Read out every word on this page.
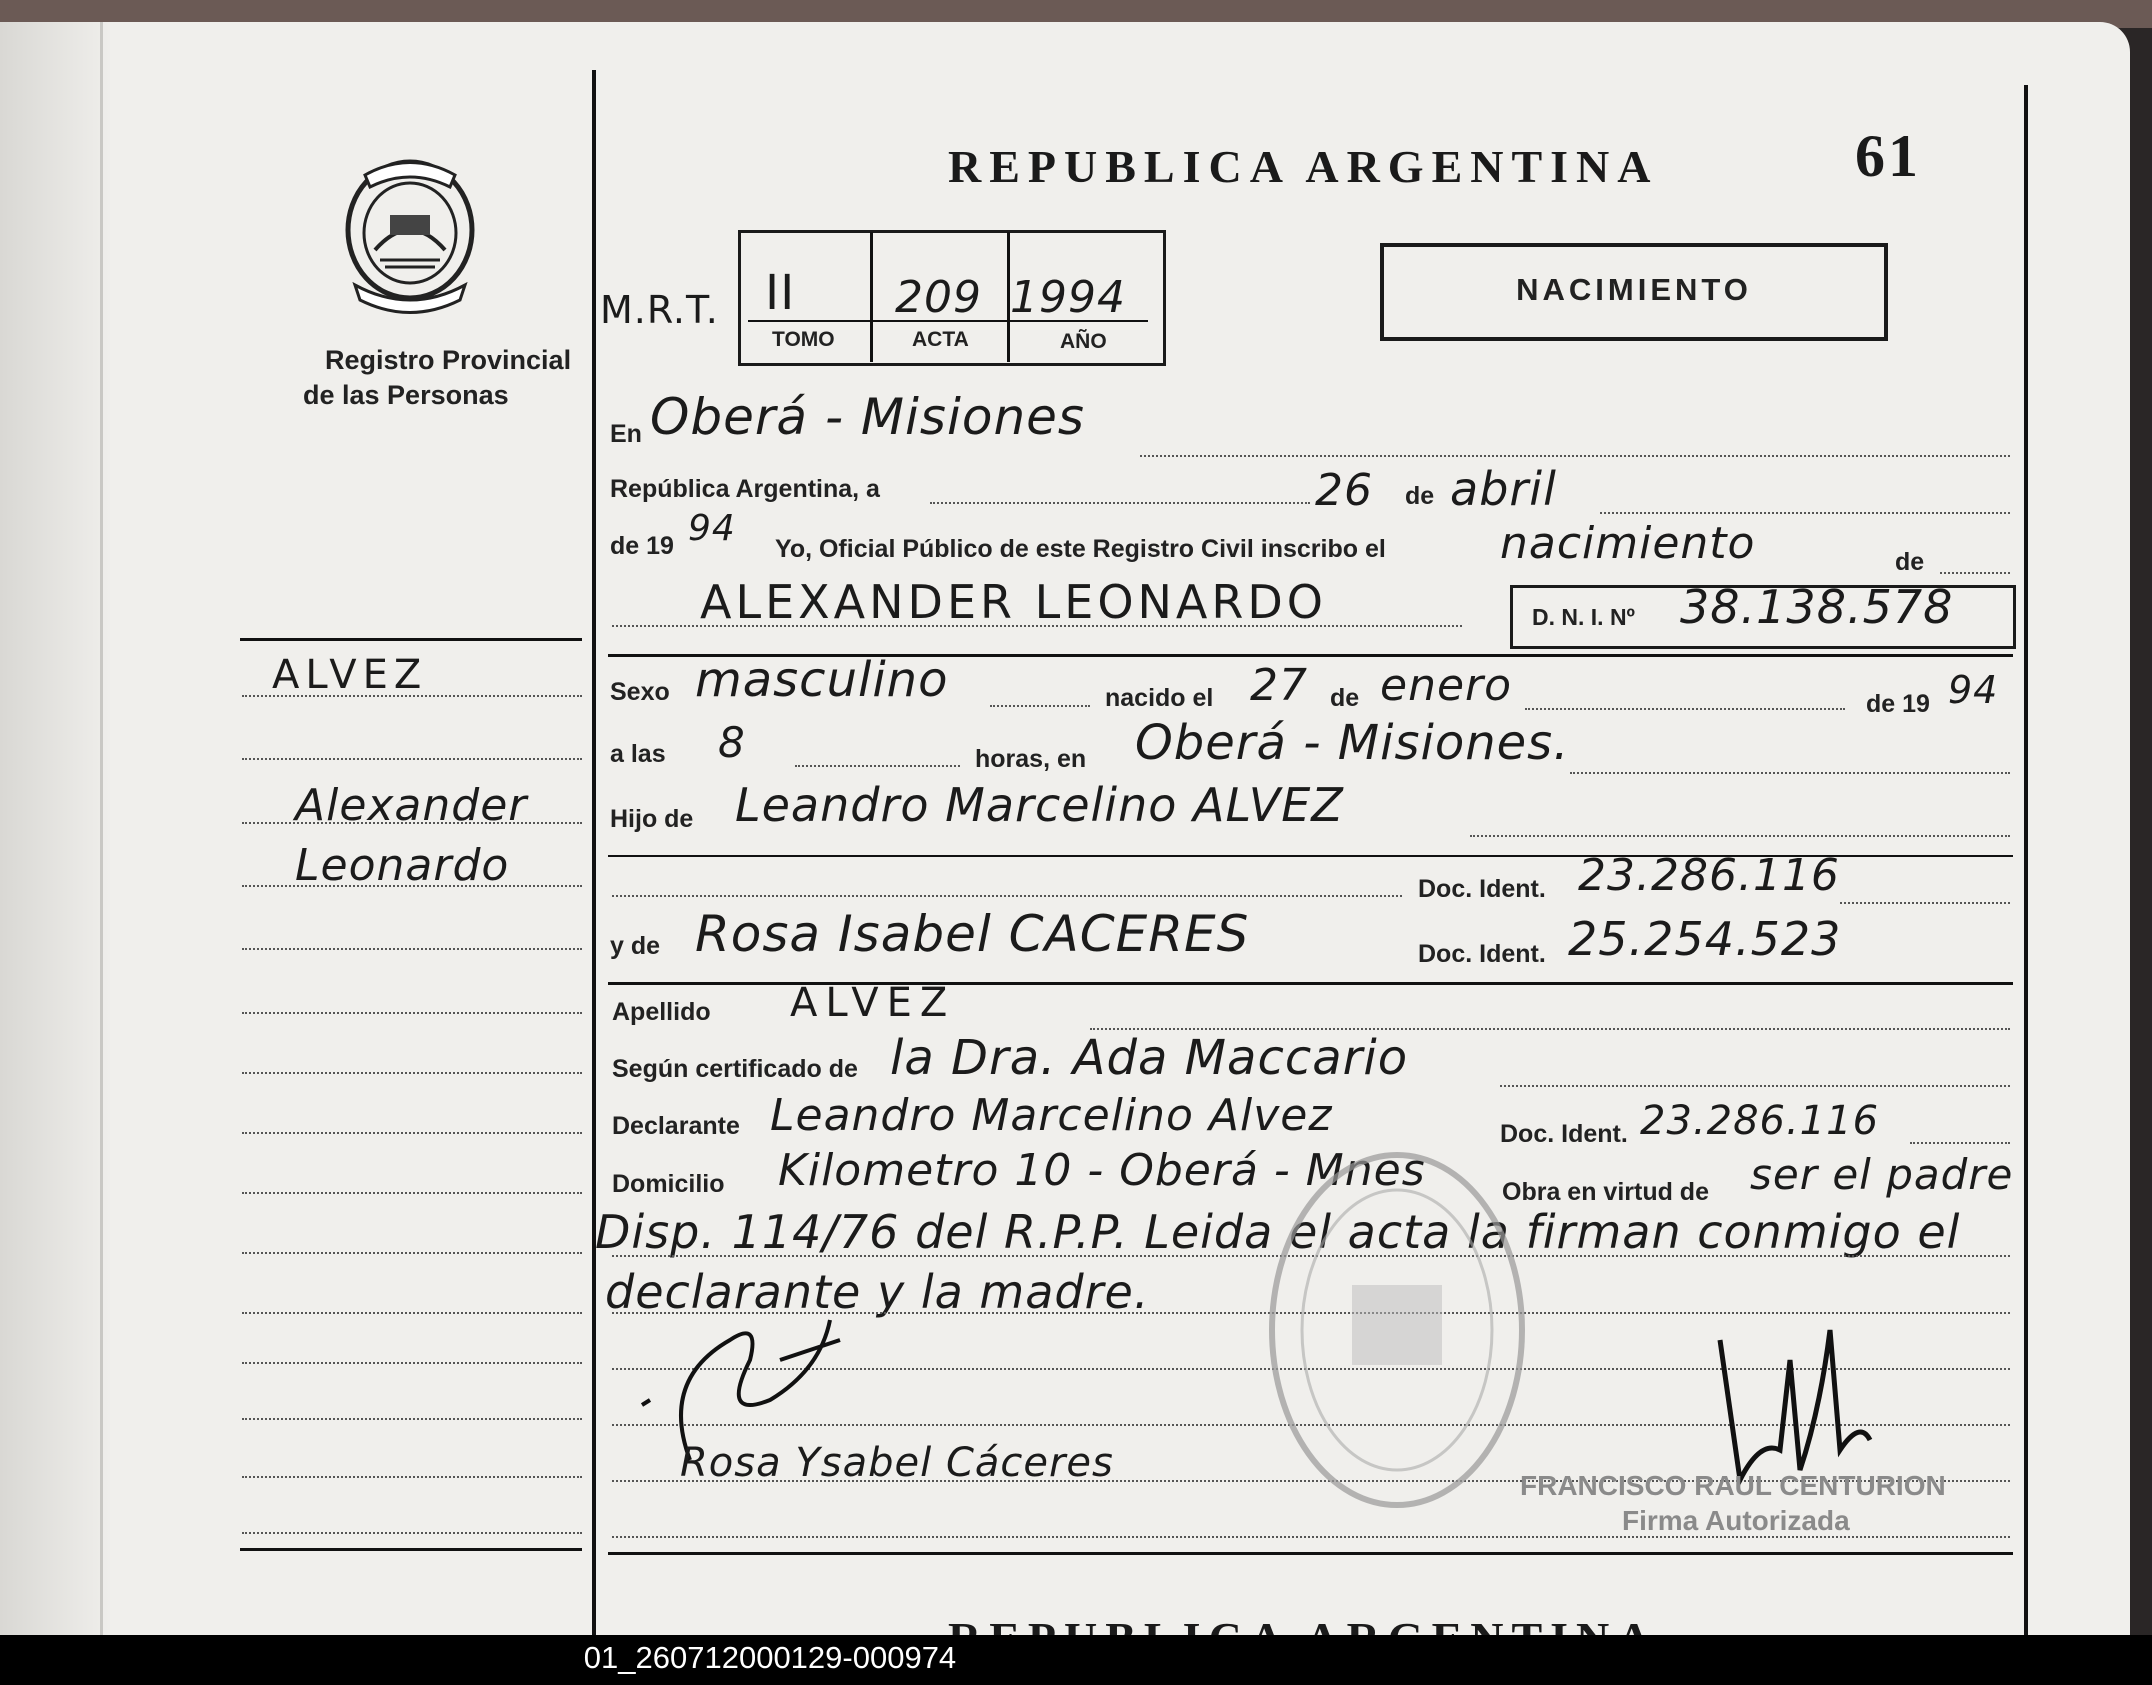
Registro Provincial
de las Personas
REPUBLICA ARGENTINA	61
NACIMIENTO
M.R.T. II 209 1994
TOMO	ACTA	AÑO
En Oberá - Misiones
República Argentina, a	26 de abril
de 19 94 Yo, Oficial Público de este Registro Civil inscribo el	nacimiento	de
ALEXANDER LEONARDO	D. N. I. Nº 38.138.578
Sexo masculino	nacido el 27 de enero	de 19 94
a las 8	horas, en Oberá - Misiones.
Hijo de Leandro Marcelino ALVEZ
Doc. Ident. 23.286.116
y de Rosa Isabel CACERES	Doc. Ident. 25.254.523
Apellido ALVEZ
Según certificado de la Dra. Ada Maccario
Declarante Leandro Marcelino Alvez	Doc. Ident. 23.286.116
Domicilio Kilometro 10 - Oberá - Mnes	Obra en virtud de ser el padre
Disp. 114/76 del R.P.P. Leida el acta la firman conmigo el
declarante y la madre.
Rosa Ysabel Cáceres	FRANCISCO RAUL CENTURION
Firma Autorizada
ALVEZ
Alexander
Leonardo
01_260712000129-000974
